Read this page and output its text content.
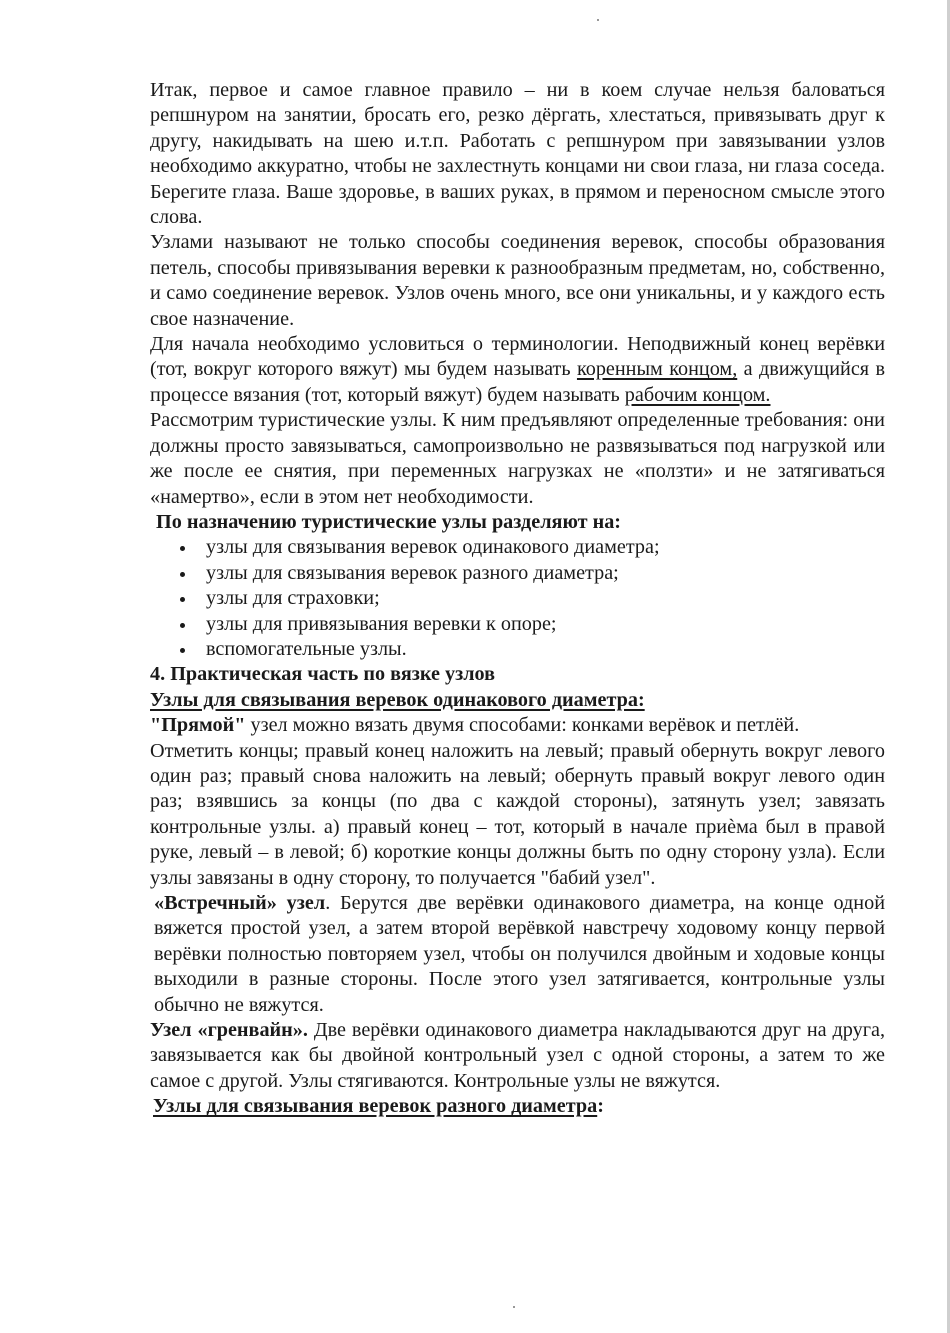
Итак, первое и самое главное правило – ни в коем случае нельзя баловаться репшнуром на занятии, бросать его, резко дёргать, хлестаться, привязывать друг к другу, накидывать на шею и.т.п. Работать с репшнуром при завязывании узлов необходимо аккуратно, чтобы не захлестнуть концами ни свои глаза, ни глаза соседа. Берегите глаза. Ваше здоровье, в ваших руках, в прямом и переносном смысле этого слова.

Узлами называют не только способы соединения веревок, способы образования петель, способы привязывания веревки к разнообразным предметам, но, собственно, и само соединение веревок. Узлов очень много, все они уникальны, и у каждого есть свое назначение.

Для начала необходимо условиться о терминологии. Неподвижный конец верёвки (тот, вокруг которого вяжут) мы будем называть коренным концом, а движущийся в процессе вязания (тот, который вяжут) будем называть рабочим концом.

Рассмотрим туристические узлы. К ним предъявляют определенные требования: они должны просто завязываться, самопроизвольно не развязываться под нагрузкой или же после ее снятия, при переменных нагрузках не «ползти» и не затягиваться «намертво», если в этом нет необходимости.

По назначению туристические узлы разделяют на:

узлы для связывания веревок одинакового диаметра;
узлы для связывания веревок разного диаметра;
узлы для страховки;
узлы для привязывания веревки к опоре;
вспомогательные узлы.

4. Практическая часть по вязке узлов

Узлы для связывания веревок одинакового диаметра:

"Прямой" узел можно вязать двумя способами: конками верёвок и петлёй.

Отметить концы; правый конец наложить на левый; правый обернуть вокруг левого один раз; правый снова наложить на левый; обернуть правый вокруг левого один раз; взявшись за концы (по два с каждой стороны), затянуть узел; завязать контрольные узлы. а) правый конец – тот, который в начале приѐма был в правой руке, левый – в левой; б) короткие концы должны быть по одну сторону узла). Если узлы завязаны в одну сторону, то получается "бабий узел".

«Встречный» узел. Берутся две верёвки одинакового диаметра, на конце одной вяжется простой узел, а затем второй верёвкой навстречу ходовому концу первой верёвки полностью повторяем узел, чтобы он получился двойным и ходовые концы выходили в разные стороны. После этого узел затягивается, контрольные узлы обычно не вяжутся.

Узел «гренвайн». Две верёвки одинакового диаметра накладываются друг на друга, завязывается как бы двойной контрольный узел с одной стороны, а затем то же самое с другой. Узлы стягиваются. Контрольные узлы не вяжутся.

Узлы для связывания веревок разного диаметра:
